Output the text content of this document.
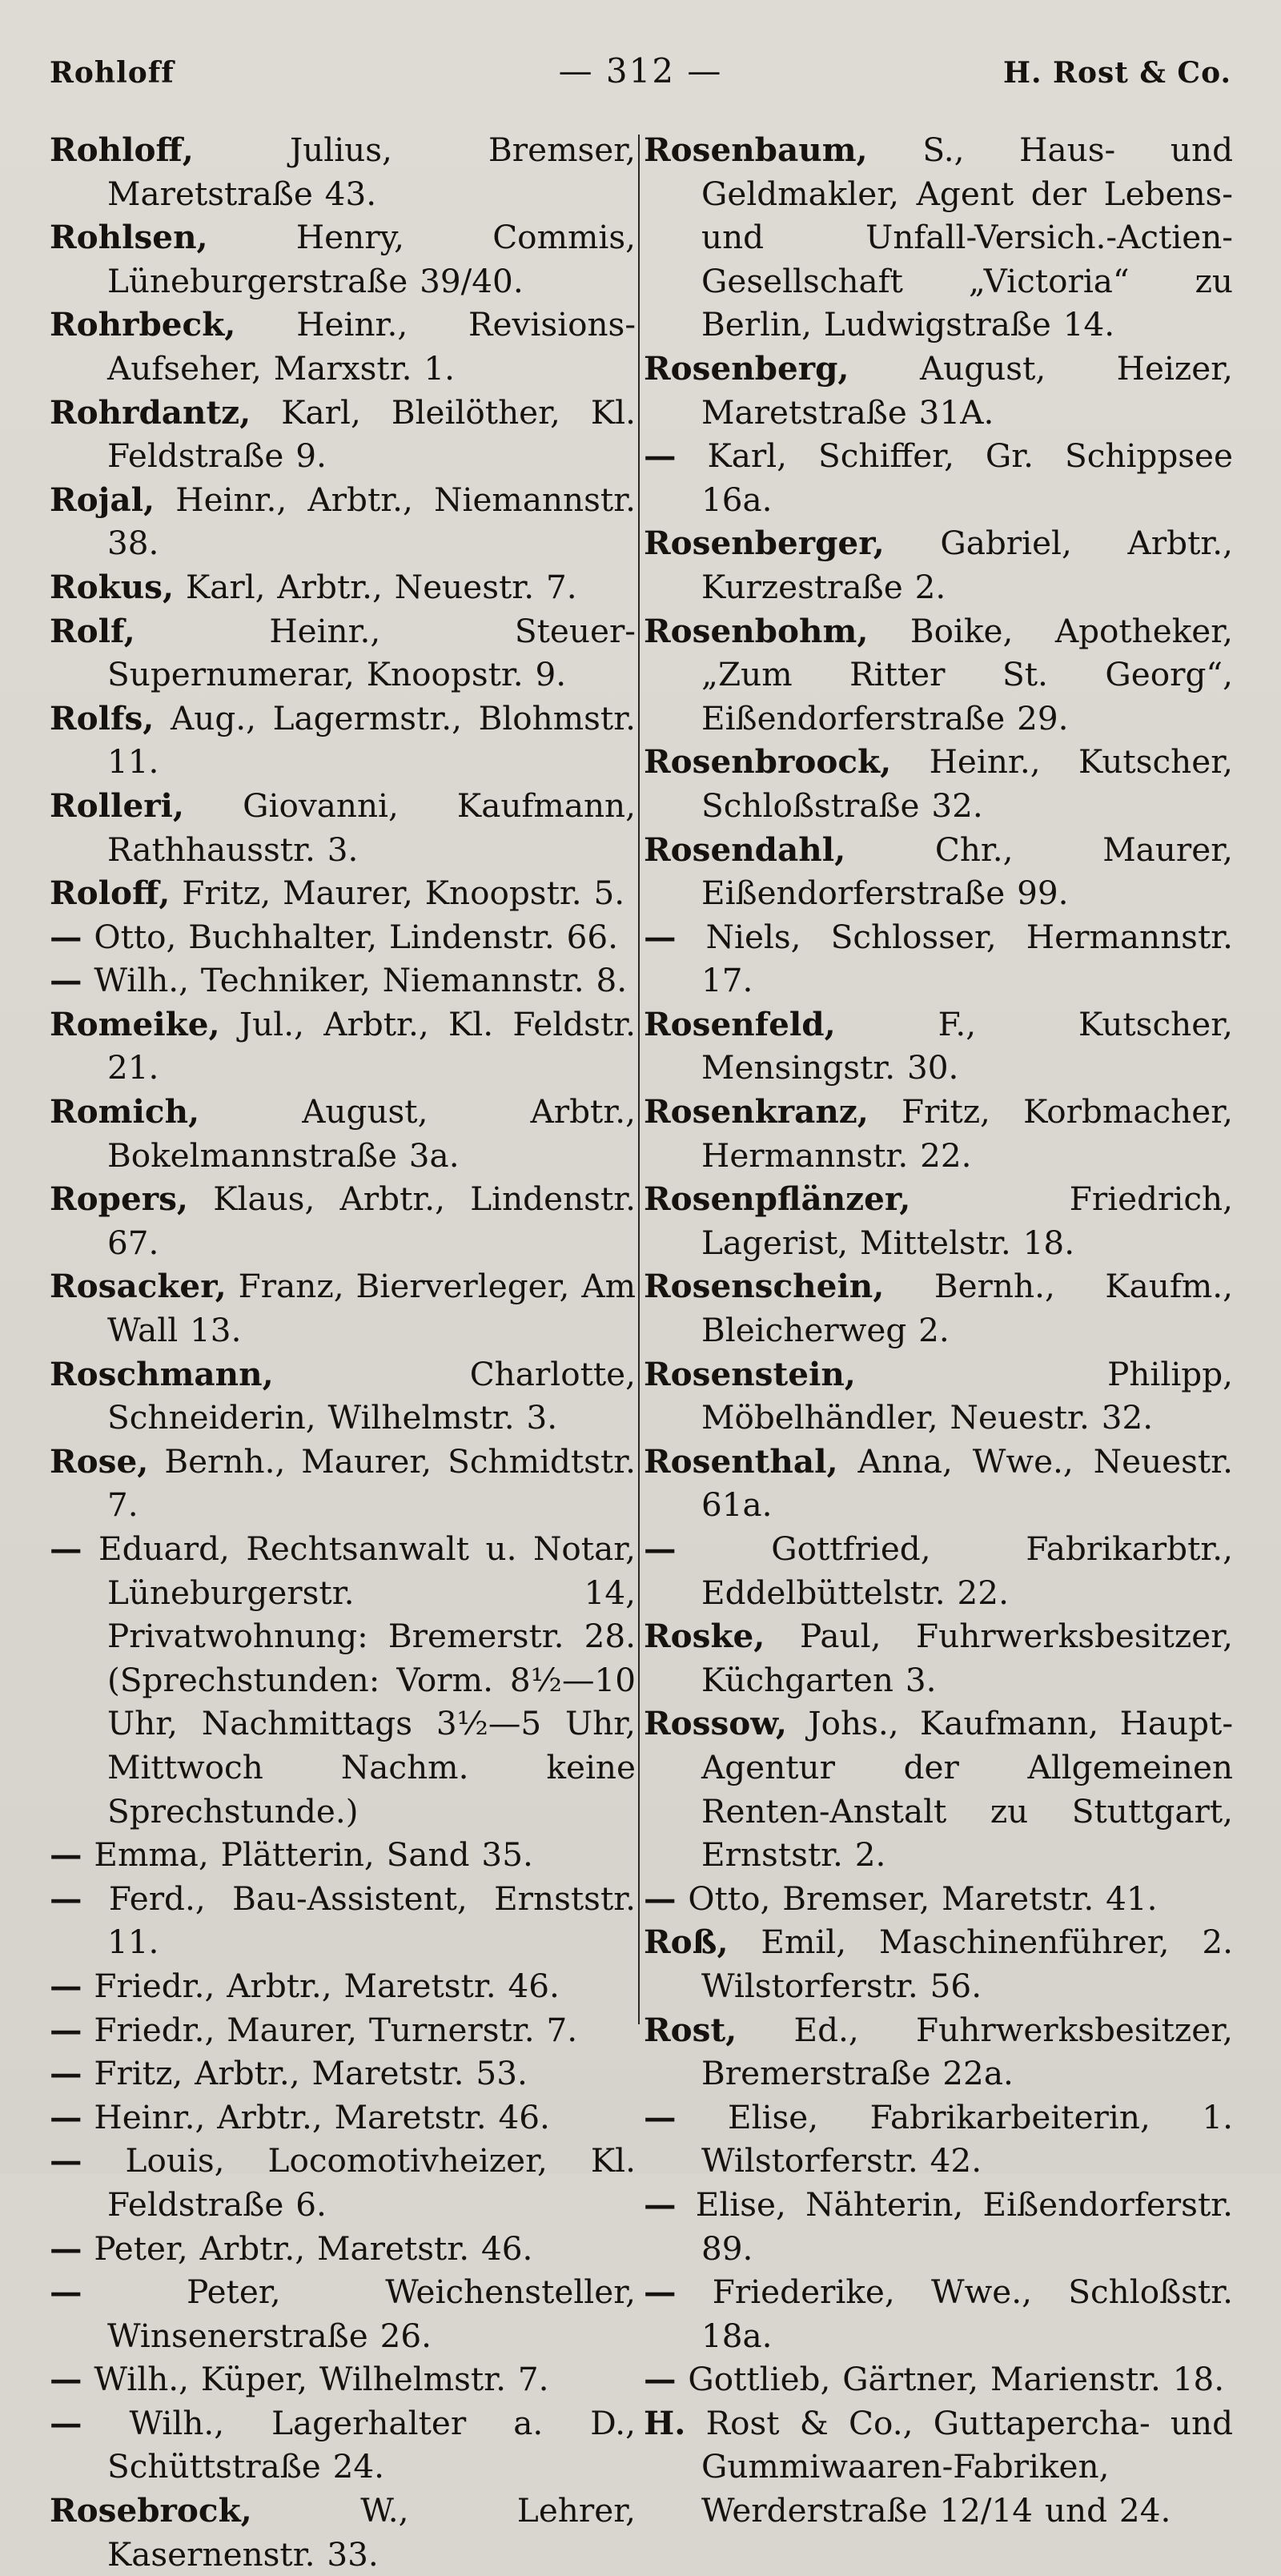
Rohloff	— 312 —	H. Rost & Co.

Rohloff,	Julius, Bremser, Maretstraße 43.

Rohlsen,	Henry, Commis, Lüneburgerstraße 39/40.

Rohrbeck, Heinr., Revisions-Aufseher, Marxstr. 1.

Rohrdantz, Karl, Bleilöther, Kl. Feldstraße 9.

Rojal, Heinr., Arbtr., Niemannstr. 38.

Rokus, Karl, Arbtr., Neuestr. 7.

Rolf,	Heinr., Steuer-Supernumerar, Knoopstr. 9.

Rolfs, Aug., Lagermstr., Blohmstr. 11.

Rolleri, Giovanni, Kaufmann, Rathhausstr. 3.

Roloff, Fritz, Maurer, Knoopstr. 5.

— Otto, Buchhalter, Lindenstr. 66.

— Wilh., Techniker, Niemannstr. 8.

Romeike, Jul., Arbtr., Kl. Feldstr. 21.

Romich,	August, Arbtr., Bokelmannstraße 3a.

Ropers, Klaus, Arbtr., Lindenstr. 67.

Rosacker, Franz, Bierverleger, Am Wall 13.

Roschmann,	Charlotte, Schneiderin, Wilhelmstr. 3.

Rose, Bernh., Maurer, Schmidtstr. 7.

— Eduard, Rechtsanwalt u. Notar, Lüneburgerstr. 14, Privatwohnung: Bremerstr. 28. (Sprechstunden: Vorm. 8½—10 Uhr, Nachmittags 3½—5 Uhr, Mittwoch Nachm. keine Sprechstunde.)

— Emma, Plätterin, Sand 35.

— Ferd., Bau-Assistent, Ernststr. 11.

— Friedr., Arbtr., Maretstr. 46.

— Friedr., Maurer, Turnerstr. 7.

— Fritz, Arbtr., Maretstr. 53.

— Heinr., Arbtr., Maretstr. 46.

— Louis, Locomotivheizer, Kl. Feldstraße 6.

— Peter, Arbtr., Maretstr. 46.

—	Peter, Weichensteller, Winsenerstraße 26.

— Wilh., Küper, Wilhelmstr. 7.

— Wilh., Lagerhalter a. D., Schüttstraße 24.

Rosebrock,	W., Lehrer, Kasernenstr. 33.

Rosenbaum, S., Haus- und Geldmakler, Agent der Lebens- und Unfall-Versich.-Actien-Gesellschaft „Victoria“ zu Berlin, Ludwigstraße 14.

Rosenberg, August, Heizer, Maretstraße 31A.

— Karl, Schiffer, Gr. Schippsee 16a.

Rosenberger, Gabriel, Arbtr., Kurzestraße 2.

Rosenbohm, Boike, Apotheker, „Zum Ritter St. Georg“, Eißendorferstraße 29.

Rosenbroock, Heinr., Kutscher, Schloßstraße 32.

Rosendahl,	Chr., Maurer, Eißendorferstraße 99.

— Niels, Schlosser, Hermannstr. 17.

Rosenfeld,	F., Kutscher, Mensingstr. 30.

Rosenkranz, Fritz, Korbmacher, Hermannstr. 22.

Rosenpflänzer,	Friedrich, Lagerist, Mittelstr. 18.

Rosenschein, Bernh., Kaufm., Bleicherweg 2.

Rosenstein,	Philipp, Möbelhändler, Neuestr. 32.

Rosenthal, Anna, Wwe., Neuestr. 61a.

—	Gottfried, Fabrikarbtr., Eddelbüttelstr. 22.

Roske, Paul, Fuhrwerksbesitzer, Küchgarten 3.

Rossow, Johs., Kaufmann, Haupt-Agentur der Allgemeinen Renten-Anstalt zu Stuttgart, Ernststr. 2.

— Otto, Bremser, Maretstr. 41.

Roß, Emil, Maschinenführer, 2. Wilstorferstr. 56.

Rost, Ed., Fuhrwerksbesitzer, Bremerstraße 22a.

— Elise, Fabrikarbeiterin, 1. Wilstorferstr. 42.

— Elise, Nähterin, Eißendorferstr. 89.

— Friederike, Wwe., Schloßstr. 18a.

— Gottlieb, Gärtner, Marienstr. 18.

H. Rost & Co., Guttapercha- und Gummiwaaren-Fabriken, Werderstraße 12/14 und 24.
